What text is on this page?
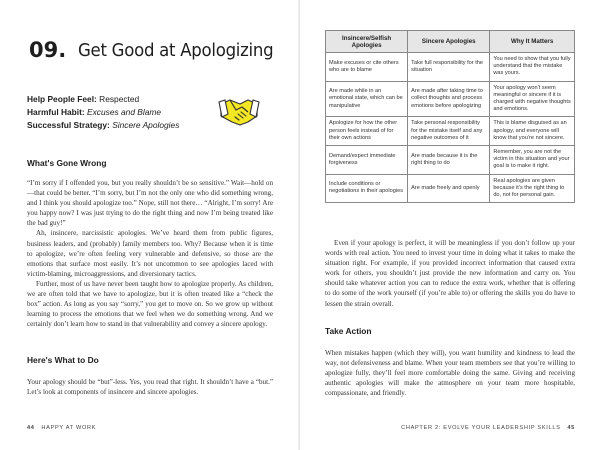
09. Get Good at Apologizing
Help People Feel: Respected
Harmful Habit: Excuses and Blame
Successful Strategy: Sincere Apologies
What's Gone Wrong

“I’m sorry if I offended you, but you really shouldn’t be so sensitive.” Wait—hold on—that could be better. “I’m sorry, but I’m not the only one who did something wrong, and I think you should apologize too.” Nope, still not there… “Alright, I’m sorry! Are you happy now? I was just trying to do the right thing and now I’m being treated like the bad guy!”

Ah, insincere, narcissistic apologies. We’ve heard them from public figures, business leaders, and (probably) family members too. Why? Because when it is time to apologize, we’re often feeling very vulnerable and defensive, so those are the emotions that surface most easily. It’s not uncommon to see apologies laced with victim-blaming, microaggressions, and diversionary tactics.

Further, most of us have never been taught how to apologize properly. As children, we are often told that we have to apologize, but it is often treated like a “check the box” action. As long as you say “sorry,” you get to move on. So we grow up without learning to process the emotions that we feel when we do something wrong. And we certainly don’t learn how to stand in that vulnerability and convey a sincere apology.

Here's What to Do

Your apology should be “but”-less. Yes, you read that right. It shouldn’t have a “but.” Let’s look at components of insincere and sincere apologies.

44 HAPPY AT WORK
Insincere/Selfish Apologies	Sincere Apologies	Why It Matters
Make excuses or cite others who are to blame	Take full responsibility for the situation	You need to show that you fully understand that the mistake was yours.
Are made while in an emotional state, which can be manipulative	Are made after taking time to collect thoughts and process emotions before apologizing	Your apology won’t seem meaningful or sincere if it is charged with negative thoughts and emotions.
Apologize for how the other person feels instead of for their own actions	Take personal responsibility for the mistake itself and any negative outcomes of it	This is blame disguised as an apology, and everyone will know that you’re not sincere.
Demand/expect immediate forgiveness	Are made because it is the right thing to do	Remember, you are not the victim in this situation and your goal is to make it right.
Include conditions or negotiations in their apologies	Are made freely and openly	Real apologies are given because it’s the right thing to do, not for personal gain.

Even if your apology is perfect, it will be meaningless if you don’t follow up your words with real action. You need to invest your time in doing what it takes to make the situation right. For example, if you provided incorrect information that caused extra work for others, you shouldn’t just provide the new information and carry on. You should take whatever action you can to reduce the extra work, whether that is offering to do some of the work yourself (if you’re able to) or offering the skills you do have to lessen the strain overall.

Take Action

When mistakes happen (which they will), you want humility and kindness to lead the way, not defensiveness and blame. When your team members see that you’re willing to apologize fully, they’ll feel more comfortable doing the same. Giving and receiving authentic apologies will make the atmosphere on your team more hospitable, compassionate, and friendly.

CHAPTER 2: EVOLVE YOUR LEADERSHIP SKILLS 45
